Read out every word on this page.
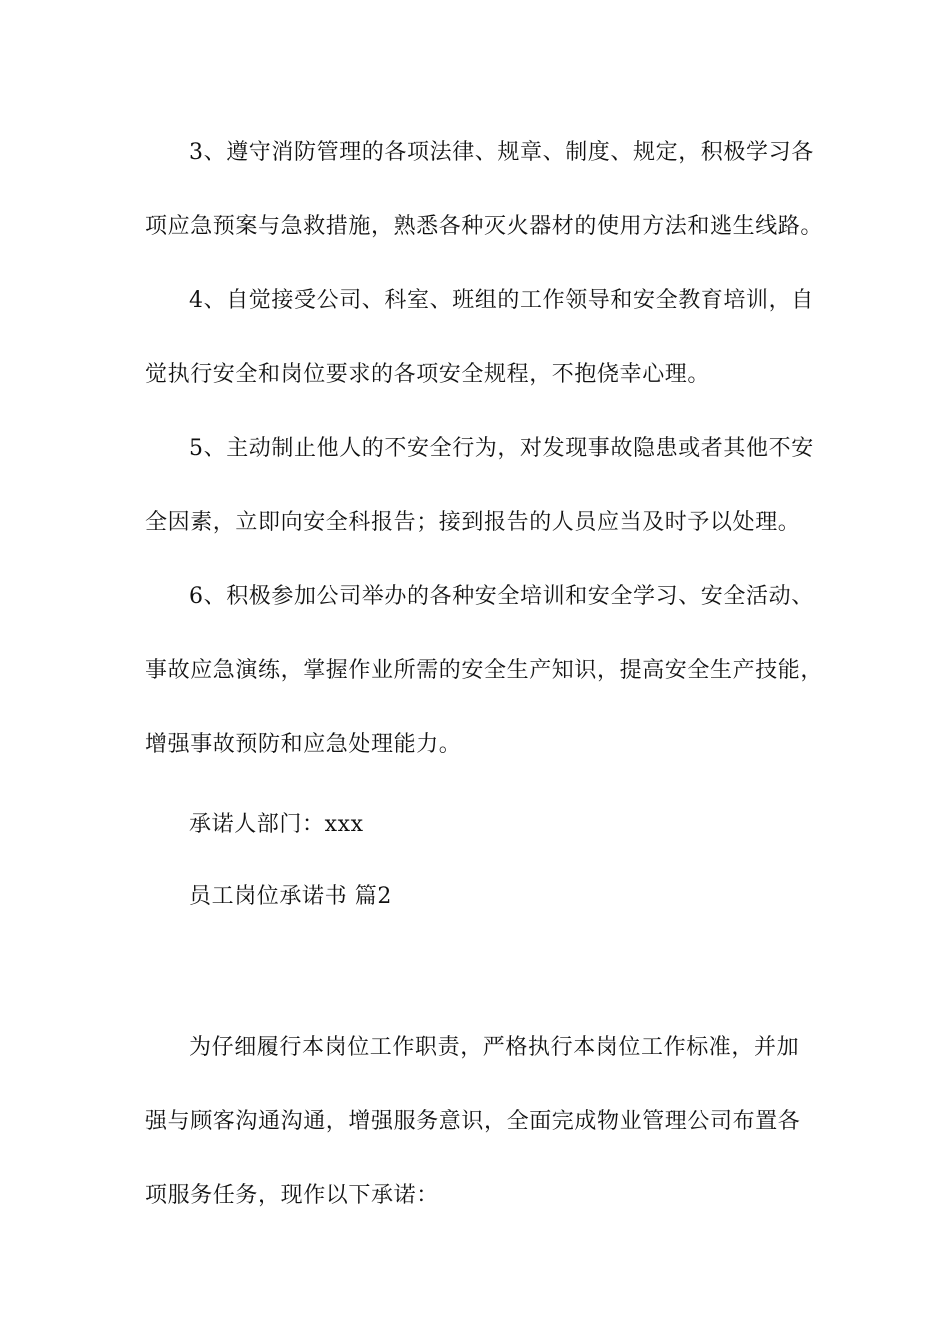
3、遵守消防管理的各项法律、规章、制度、规定，积极学习各
项应急预案与急救措施，熟悉各种灭火器材的使用方法和逃生线路。
4、自觉接受公司、科室、班组的工作领导和安全教育培训，自
觉执行安全和岗位要求的各项安全规程，不抱侥幸心理。
5、主动制止他人的不安全行为，对发现事故隐患或者其他不安
全因素，立即向安全科报告；接到报告的人员应当及时予以处理。
6、积极参加公司举办的各种安全培训和安全学习、安全活动、
事故应急演练，掌握作业所需的安全生产知识，提高安全生产技能，
增强事故预防和应急处理能力。
承诺人部门：xxx
员工岗位承诺书 篇2
为仔细履行本岗位工作职责，严格执行本岗位工作标准，并加
强与顾客沟通沟通，增强服务意识，全面完成物业管理公司布置各
项服务任务，现作以下承诺：
